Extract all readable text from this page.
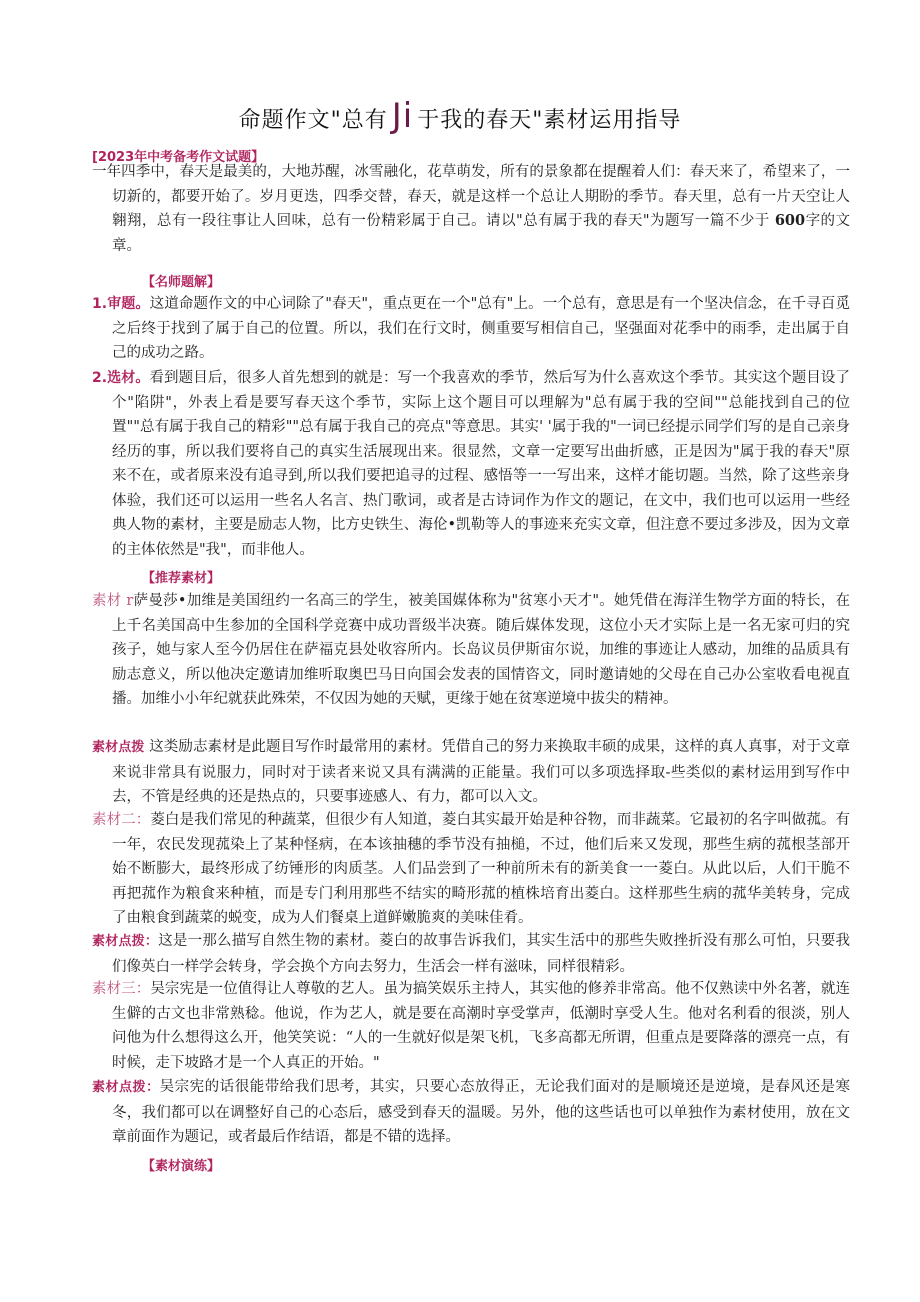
命题作文"总有 Ji 于我的春天"素材运用指导
[2023年中考备考作文试题】

一年四季中，春天是最美的，大地苏醒，冰雪融化，花草萌发，所有的景象都在提醒着人们：春天来了，希望来了，一切新的，都要开始了。岁月更迭，四季交替，春天，就是这样一个总让人期盼的季节。春天里，总有一片天空让人翱翔，总有一段往事让人回味，总有一份精彩属于自己。请以"总有属于我的春天"为题写一篇不少于 600字的文章。

【名师题解】

1.审题。这道命题作文的中心词除了"春天"，重点更在一个"总有"上。一个总有，意思是有一个坚决信念，在千寻百觅之后终于找到了属于自己的位置。所以，我们在行文时，侧重要写相信自己，坚强面对花季中的雨季，走出属于自己的成功之路。

2.选材。看到题目后，很多人首先想到的就是：写一个我喜欢的季节，然后写为什么喜欢这个季节。其实这个题目设了个"陷阱"，外表上看是要写春天这个季节，实际上这个题目可以理解为"总有属于我的空间""总能找到自己的位置""总有属于我自己的精彩""总有属于我自己的亮点"等意思。其实' '属于我的"一词已经提示同学们写的是自己亲身经历的事，所以我们要将自己的真实生活展现出来。很显然，文章一定要写出曲折感，正是因为"属于我的春天"原来不在，或者原来没有追寻到,所以我们要把追寻的过程、感悟等一一写出来，这样才能切题。当然，除了这些亲身体验，我们还可以运用一些名人名言、热门歌词，或者是古诗词作为作文的题记，在文中，我们也可以运用一些经典人物的素材，主要是励志人物，比方史铁生、海伦•凯勒等人的事迹来充实文章，但注意不要过多涉及，因为文章的主体依然是"我"，而非他人。

【推荐素材】

素材 r萨曼莎•加维是美国纽约一名高三的学生，被美国媒体称为"贫寒小天才"。她凭借在海洋生物学方面的特长，在上千名美国高中生参加的全国科学竞赛中成功晋级半决赛。随后媒体发现，这位小天才实际上是一名无家可归的究孩子，她与家人至今仍居住在萨福克县处收容所内。长岛议员伊斯宙尔说，加维的事迹让人感动，加维的品质具有励志意义，所以他决定邀请加维听取奥巴马日向国会发表的国情咨文，同时邀请她的父母在自己办公室收看电视直播。加维小小年纪就获此殊荣，不仅因为她的天赋，更缘于她在贫寒逆境中拔尖的精神。

素材点拨 这类励志素材是此题目写作时最常用的素材。凭借自己的努力来换取丰硕的成果，这样的真人真事，对于文章来说非常具有说服力，同时对于读者来说又具有满满的正能量。我们可以多项选择取-些类似的素材运用到写作中去，不管是经典的还是热点的，只要事迹感人、有力，都可以入文。

素材二：菱白是我们常见的种蔬菜，但很少有人知道，菱白其实最开始是种谷物，而非蔬菜。它最初的名字叫做菰。有一年，农民发现菰染上了某种怪病，在本该抽穗的季节没有抽槌，不过，他们后来又发现，那些生病的菰根茎部开始不断膨大，最终形成了纺锤形的肉质茎。人们品尝到了一种前所未有的新美食一一菱白。从此以后，人们干脆不再把菰作为粮食来种植，而是专门利用那些不结实的畸形菰的植株培育出菱白。这样那些生病的菰华美转身，完成了由粮食到蔬菜的蜕变，成为人们餐桌上道鲜嫩脆爽的美味佳肴。

素材点拨：这是一那么描写自然生物的素材。菱白的故事告诉我们，其实生活中的那些失败挫折没有那么可怕，只要我们像英白一样学会转身，学会换个方向去努力，生活会一样有滋味，同样很精彩。

素材三：吴宗宪是一位值得让人尊敬的艺人。虽为搞笑娱乐主持人，其实他的修养非常高。他不仅熟读中外名著，就连生僻的古文也非常熟稔。他说，作为艺人，就是要在高潮时享受掌声，低潮时享受人生。他对名利看的很淡，别人问他为什么想得这么开，他笑笑说：“人的一生就好似是架飞机，飞多高都无所谓，但重点是要降落的漂亮一点，有时候，走下坡路才是一个人真正的开始。"

素材点拨：吴宗宪的话很能带给我们思考，其实，只要心态放得正，无论我们面对的是顺境还是逆境，是春风还是寒冬，我们都可以在调整好自己的心态后，感受到春天的温暖。另外，他的这些话也可以单独作为素材使用，放在文章前面作为题记，或者最后作结语，都是不错的选择。

【素材演练】
